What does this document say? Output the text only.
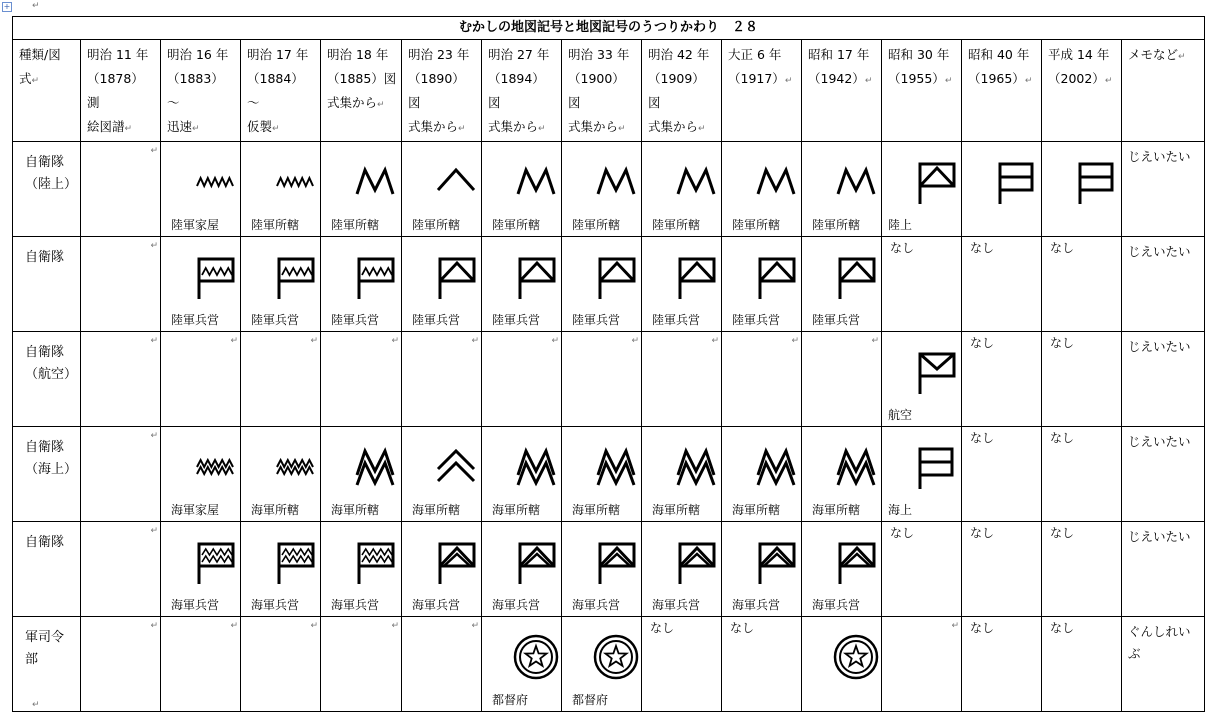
+
むかしの地図記号と地図記号のうつりかわり　２８														
種類/図
式↵	明治 11 年
（1878）測
絵図譜↵	明治 16 年
（1883）～
迅速↵	明治 17 年
（1884）～
仮製↵	明治 18 年
（1885）図
式集から↵	明治 23 年
（1890）図
式集から↵	明治 27 年
（1894）図
式集から↵	明治 33 年
（1900）図
式集から↵	明治 42 年
（1909）図
式集から↵	大正 6 年
（1917）↵	昭和 17 年
（1942）↵	昭和 30 年
（1955）↵	昭和 40 年
（1965）↵	平成 14 年
（2002）↵	メモなど↵
自衛隊
（陸上）	↵	陸軍家屋	陸軍所轄	陸軍所轄	陸軍所轄	陸軍所轄	陸軍所轄	陸軍所轄	陸軍所轄	陸軍所轄	陸上			じえいたい
自衛隊	↵	陸軍兵営	陸軍兵営	陸軍兵営	陸軍兵営	陸軍兵営	陸軍兵営	陸軍兵営	陸軍兵営	陸軍兵営	なし	なし	なし	じえいたい
自衛隊
（航空）	↵	↵	↵	↵	↵	↵	↵	↵	↵	↵	航空	なし	なし	じえいたい
自衛隊
（海上）	↵	海軍家屋	海軍所轄	海軍所轄	海軍所轄	海軍所轄	海軍所轄	海軍所轄	海軍所轄	海軍所轄	海上	なし	なし	じえいたい
自衛隊	↵	海軍兵営	海軍兵営	海軍兵営	海軍兵営	海軍兵営	海軍兵営	海軍兵営	海軍兵営	海軍兵営	なし	なし	なし	じえいたい
軍司令
部	↵	↵	↵	↵	↵	都督府	都督府	なし	なし		↵	なし	なし	ぐんしれいぶ
↵
↵
